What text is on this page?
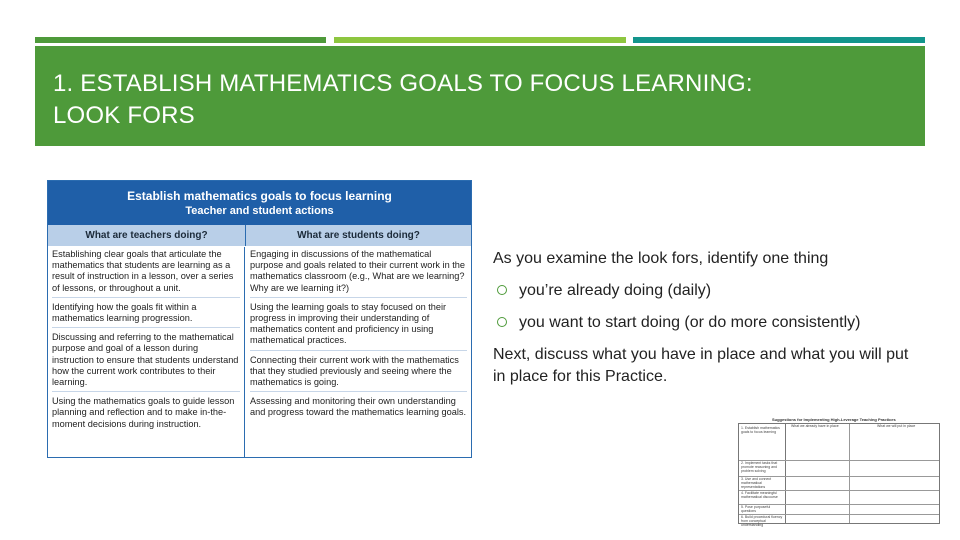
1. ESTABLISH MATHEMATICS GOALS TO FOCUS LEARNING:
LOOK FORS
Establish mathematics goals to focus learning
Teacher and student actions
What are teachers doing?	What are students doing?

Establishing clear goals that articulate the mathematics that students are learning as a result of instruction in a lesson, over a series of lessons, or throughout a unit.

Identifying how the goals fit within a mathematics learning progression.

Discussing and referring to the mathematical purpose and goal of a lesson during instruction to ensure that students understand how the current work contributes to their learning.

Using the mathematics goals to guide lesson planning and reflection and to make in-the-moment decisions during instruction.

Engaging in discussions of the mathematical purpose and goals related to their current work in the mathematics classroom (e.g., What are we learning? Why are we learning it?)

Using the learning goals to stay focused on their progress in improving their understanding of mathematics content and proficiency in using mathematical practices.

Connecting their current work with the mathematics that they studied previously and seeing where the mathematics is going.

Assessing and monitoring their own understanding and progress toward the mathematics learning goals.

As you examine the look fors, identify one thing
you’re already doing (daily)
you want to start doing (or do more consistently)
Next, discuss what you have in place and what you will put in place for this Practice.
Suggestions for Implementing High-Leverage Teaching Practices
What we already have in place	What we will put in place
1. Establish mathematics goals to focus learning
2. Implement tasks that promote reasoning and problem solving
3. Use and connect mathematical representations
4. Facilitate meaningful mathematical discourse
5. Pose purposeful questions
6. Build procedural fluency from conceptual understanding
